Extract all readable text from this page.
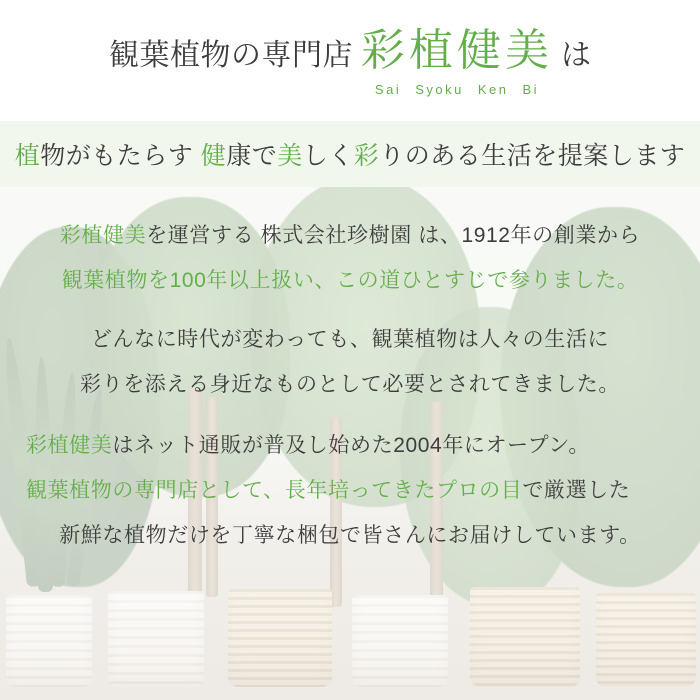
観葉植物の専門店 彩植健美
Sai Syoku Ken Bi
は
植物がもたらす 健康で美しく彩りのある生活を提案します
彩植健美を運営する 株式会社珍樹園 は、1912年の創業から
観葉植物を100年以上扱い、この道ひとすじで参りました。
どんなに時代が変わっても、観葉植物は人々の生活に
彩りを添える身近なものとして必要とされてきました。
彩植健美はネット通販が普及し始めた2004年にオープン。
観葉植物の専門店として、長年培ってきたプロの目で厳選した
新鮮な植物だけを丁寧な梱包で皆さんにお届けしています。
